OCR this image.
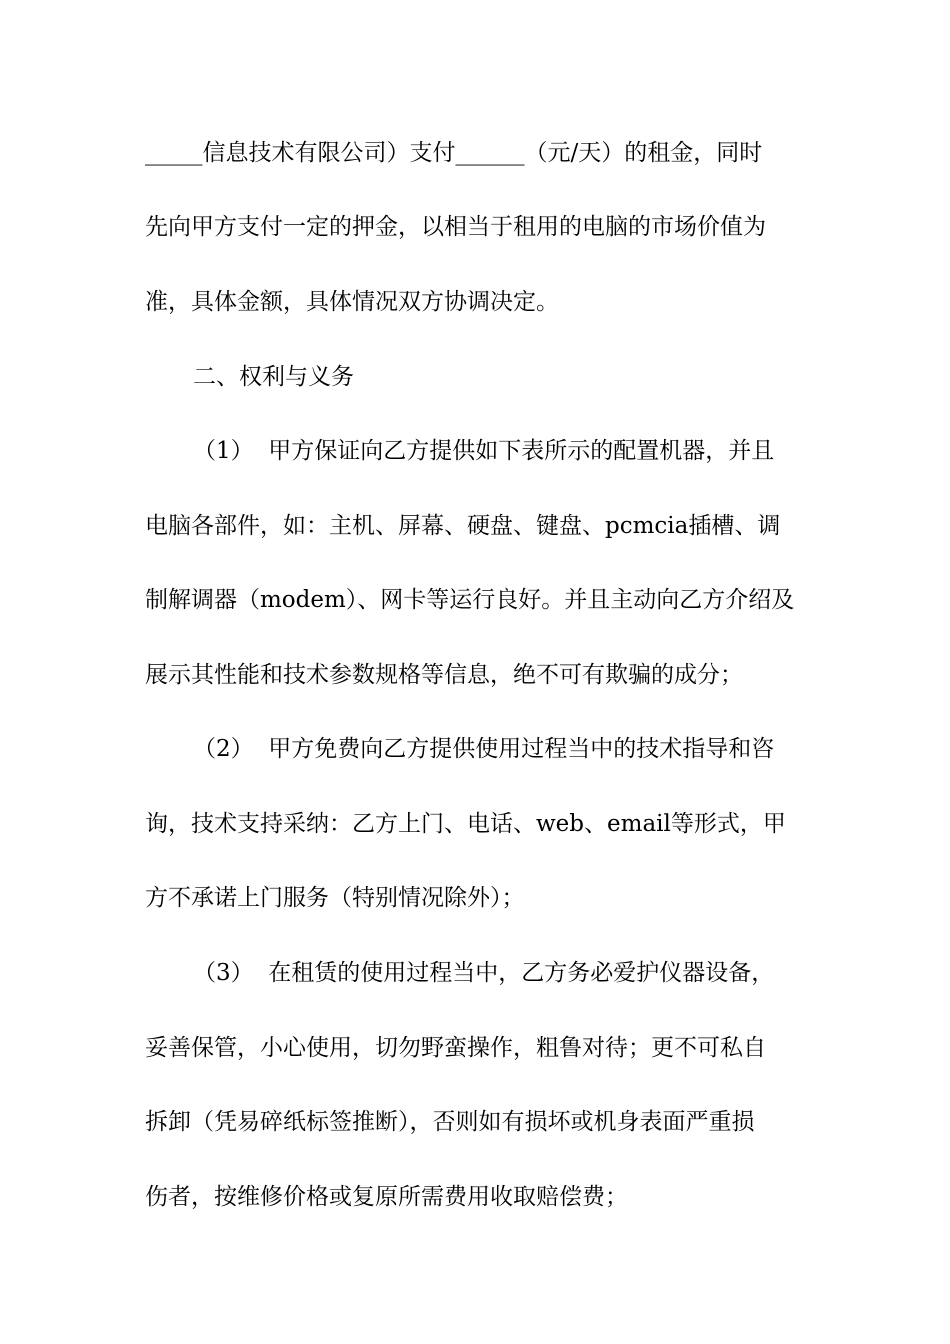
_____信息技术有限公司）支付______（元/天）的租金，同时
先向甲方支付一定的押金，以相当于租用的电脑的市场价值为
准，具体金额，具体情况双方协调决定。
二、权利与义务
（1）  甲方保证向乙方提供如下表所示的配置机器，并且
电脑各部件，如：主机、屏幕、硬盘、键盘、pcmcia插槽、调
制解调器（modem）、网卡等运行良好。并且主动向乙方介绍及
展示其性能和技术参数规格等信息，绝不可有欺骗的成分；
（2）  甲方免费向乙方提供使用过程当中的技术指导和咨
询，技术支持采纳：乙方上门、电话、web、email等形式，甲
方不承诺上门服务（特别情况除外）；
（3）  在租赁的使用过程当中，乙方务必爱护仪器设备，
妥善保管，小心使用，切勿野蛮操作，粗鲁对待；更不可私自
拆卸（凭易碎纸标签推断），否则如有损坏或机身表面严重损
伤者，按维修价格或复原所需费用收取赔偿费；
